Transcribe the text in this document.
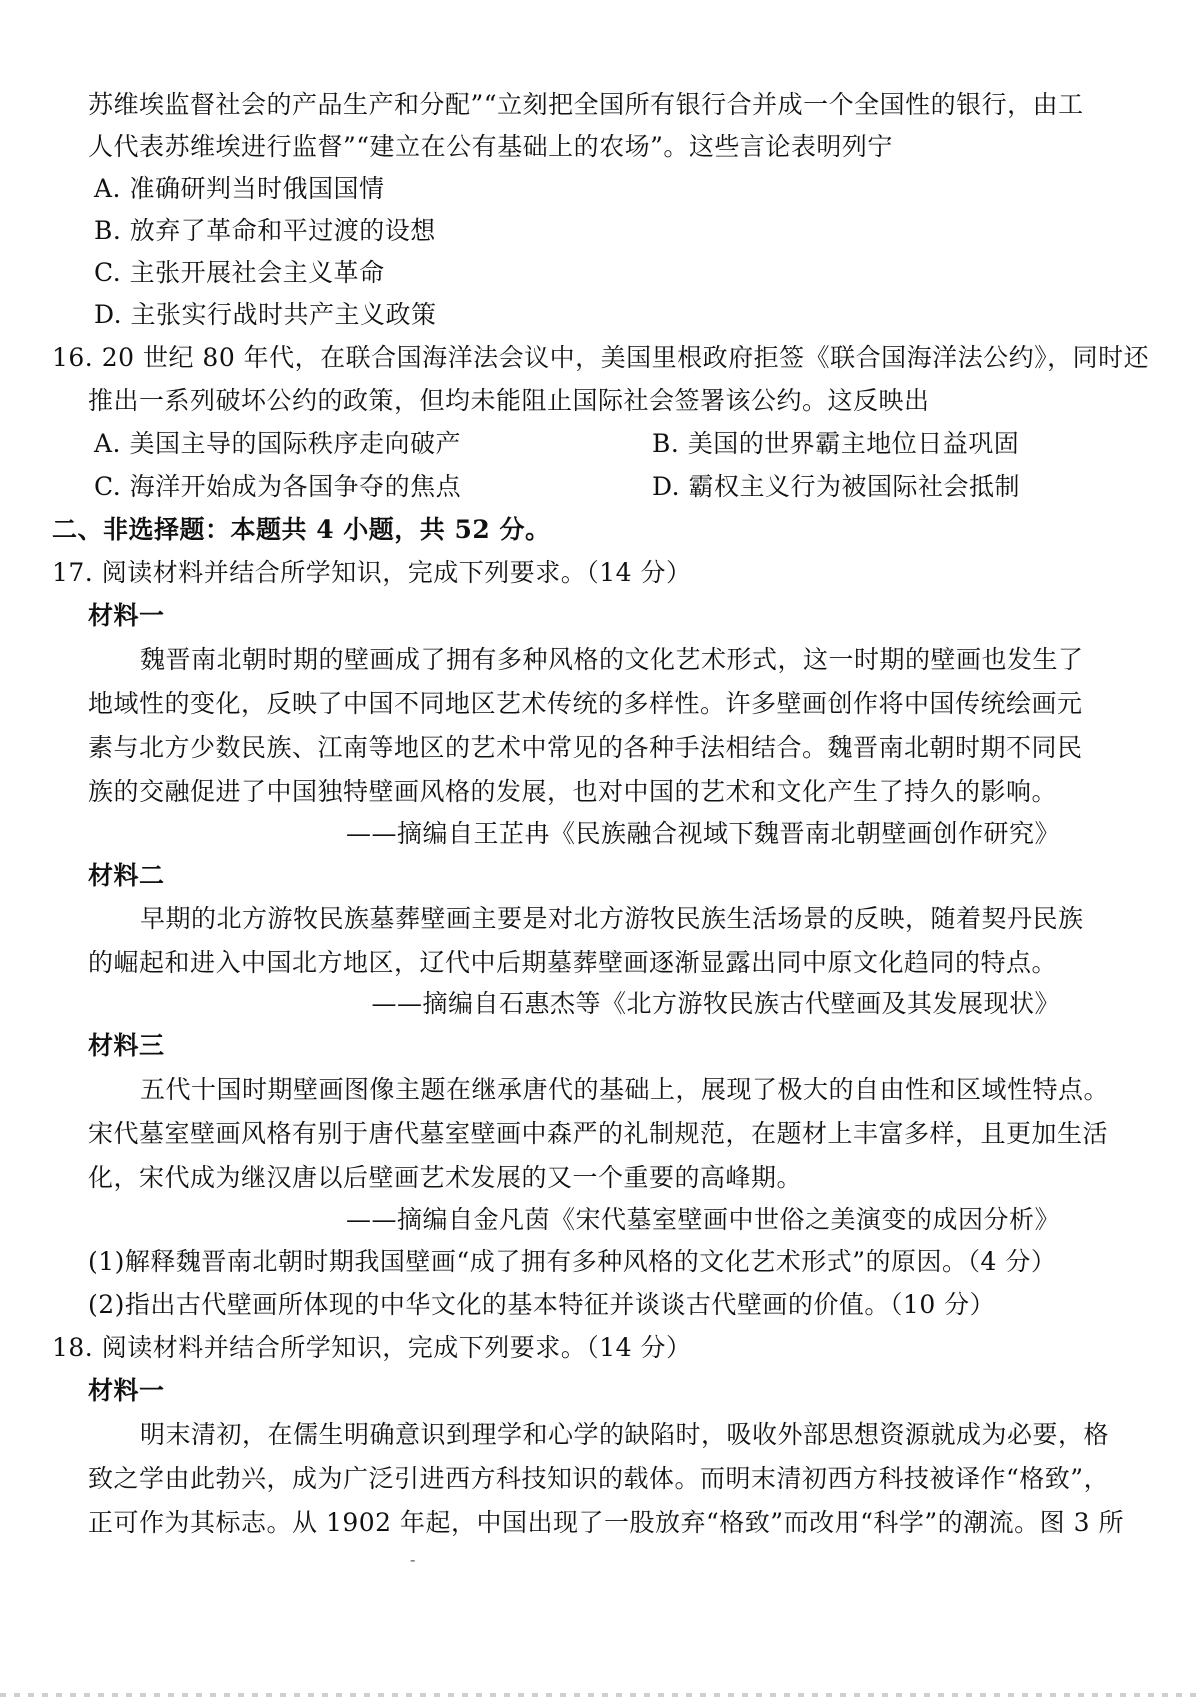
苏维埃监督社会的产品生产和分配”“立刻把全国所有银行合并成一个全国性的银行，由工
人代表苏维埃进行监督”“建立在公有基础上的农场”。这些言论表明列宁
A. 准确研判当时俄国国情
B. 放弃了革命和平过渡的设想
C. 主张开展社会主义革命
D. 主张实行战时共产主义政策
16. 20 世纪 80 年代，在联合国海洋法会议中，美国里根政府拒签《联合国海洋法公约》，同时还
推出一系列破坏公约的政策，但均未能阻止国际社会签署该公约。这反映出
A. 美国主导的国际秩序走向破产	B. 美国的世界霸主地位日益巩固
C. 海洋开始成为各国争夺的焦点	D. 霸权主义行为被国际社会抵制
二、非选择题：本题共 4 小题，共 52 分。
17. 阅读材料并结合所学知识，完成下列要求。（14 分）
材料一
魏晋南北朝时期的壁画成了拥有多种风格的文化艺术形式，这一时期的壁画也发生了
地域性的变化，反映了中国不同地区艺术传统的多样性。许多壁画创作将中国传统绘画元
素与北方少数民族、江南等地区的艺术中常见的各种手法相结合。魏晋南北朝时期不同民
族的交融促进了中国独特壁画风格的发展，也对中国的艺术和文化产生了持久的影响。
——摘编自王芷冉《民族融合视域下魏晋南北朝壁画创作研究》
材料二
早期的北方游牧民族墓葬壁画主要是对北方游牧民族生活场景的反映，随着契丹民族
的崛起和进入中国北方地区，辽代中后期墓葬壁画逐渐显露出同中原文化趋同的特点。
——摘编自石惠杰等《北方游牧民族古代壁画及其发展现状》
材料三
五代十国时期壁画图像主题在继承唐代的基础上，展现了极大的自由性和区域性特点。
宋代墓室壁画风格有别于唐代墓室壁画中森严的礼制规范，在题材上丰富多样，且更加生活
化，宋代成为继汉唐以后壁画艺术发展的又一个重要的高峰期。
——摘编自金凡茵《宋代墓室壁画中世俗之美演变的成因分析》
(1)解释魏晋南北朝时期我国壁画“成了拥有多种风格的文化艺术形式”的原因。（4 分）
(2)指出古代壁画所体现的中华文化的基本特征并谈谈古代壁画的价值。（10 分）
18. 阅读材料并结合所学知识，完成下列要求。（14 分）
材料一
明末清初，在儒生明确意识到理学和心学的缺陷时，吸收外部思想资源就成为必要，格
致之学由此勃兴，成为广泛引进西方科技知识的载体。而明末清初西方科技被译作“格致”，
正可作为其标志。从 1902 年起，中国出现了一股放弃“格致”而改用“科学”的潮流。图 3 所
-
